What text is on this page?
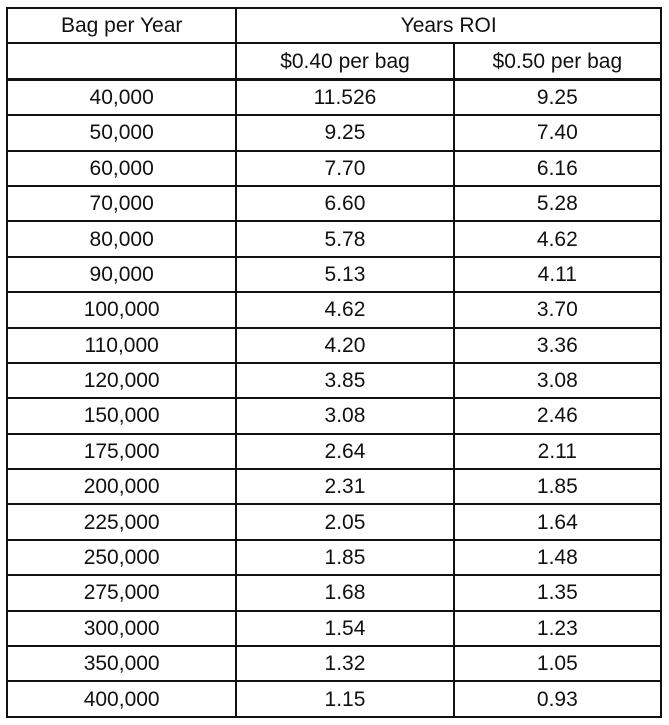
Bag per Year	Years ROI	
	$0.40 per bag	$0.50 per bag
40,000	11.526	9.25
50,000	9.25	7.40
60,000	7.70	6.16
70,000	6.60	5.28
80,000	5.78	4.62
90,000	5.13	4.11
100,000	4.62	3.70
110,000	4.20	3.36
120,000	3.85	3.08
150,000	3.08	2.46
175,000	2.64	2.11
200,000	2.31	1.85
225,000	2.05	1.64
250,000	1.85	1.48
275,000	1.68	1.35
300,000	1.54	1.23
350,000	1.32	1.05
400,000	1.15	0.93
